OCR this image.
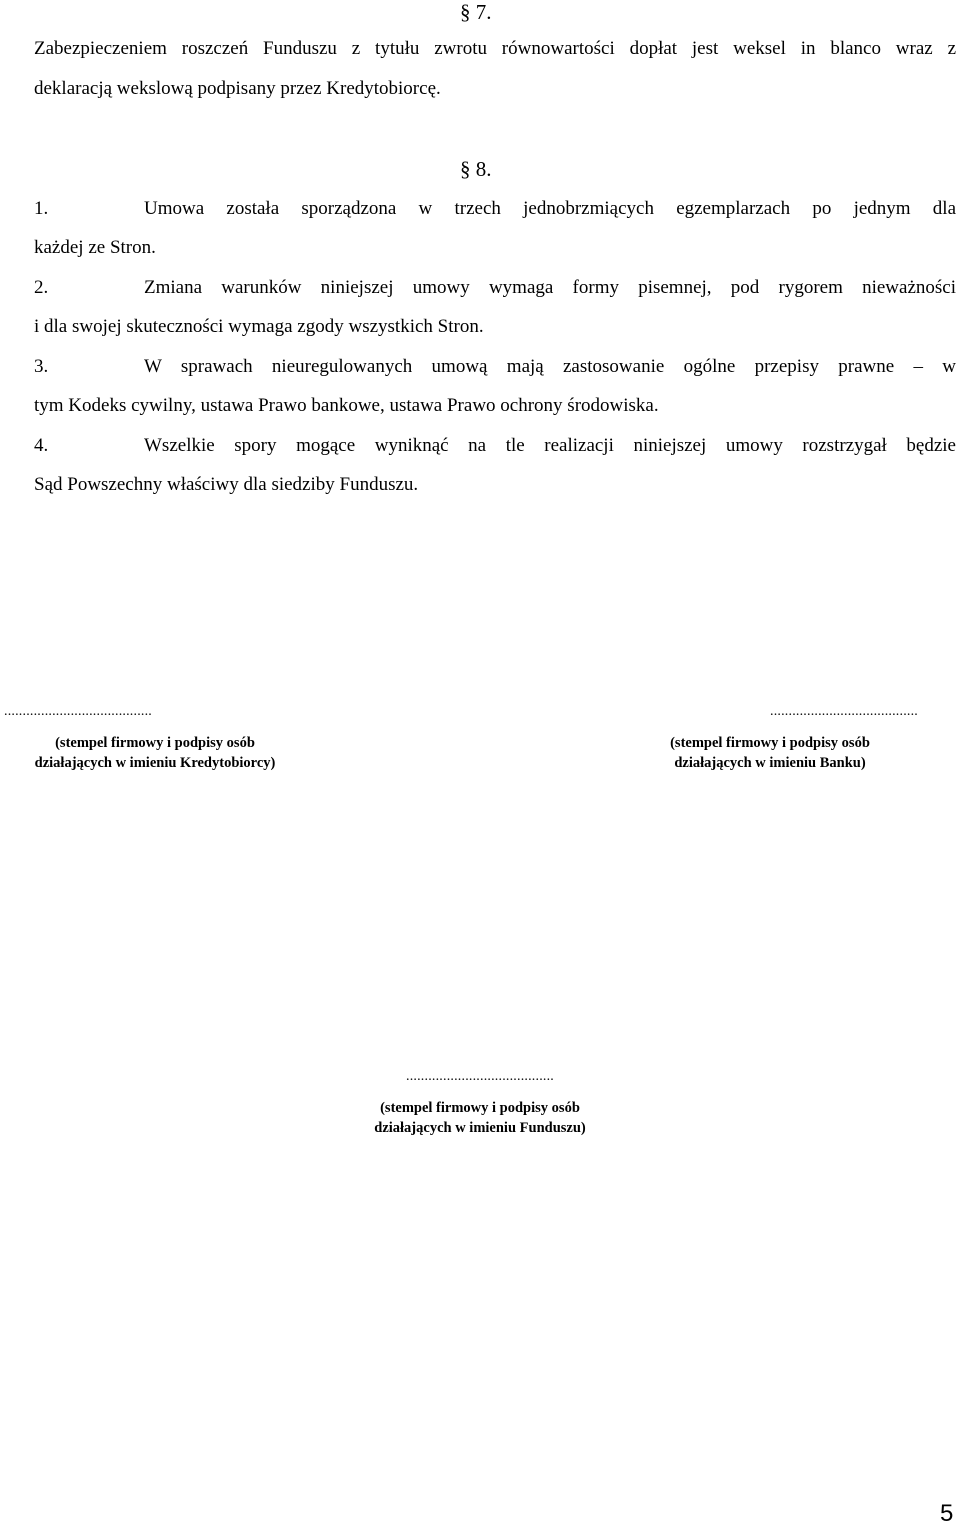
§ 7.
Zabezpieczeniem roszczeń Funduszu z tytułu zwrotu równowartości dopłat jest weksel in blanco wraz z
deklaracją wekslową podpisany przez Kredytobiorcę.
§ 8.
1.	Umowa została sporządzona w trzech jednobrzmiących egzemplarzach po jednym dla
każdej ze Stron.
2.	Zmiana warunków niniejszej umowy wymaga formy pisemnej, pod rygorem nieważności
i dla swojej skuteczności wymaga zgody wszystkich Stron.
3.	W sprawach nieuregulowanych umową mają zastosowanie ogólne przepisy prawne – w
tym Kodeks cywilny, ustawa Prawo bankowe, ustawa Prawo ochrony środowiska.
4.	Wszelkie spory mogące wyniknąć na tle realizacji niniejszej umowy rozstrzygał będzie
Sąd Powszechny właściwy dla siedziby Funduszu.
........................................
(stempel firmowy i podpisy osób
działających w imieniu Kredytobiorcy)
........................................
(stempel firmowy i podpisy osób
działających w imieniu Banku)
........................................
(stempel firmowy i podpisy osób
działających w imieniu Funduszu)
5
